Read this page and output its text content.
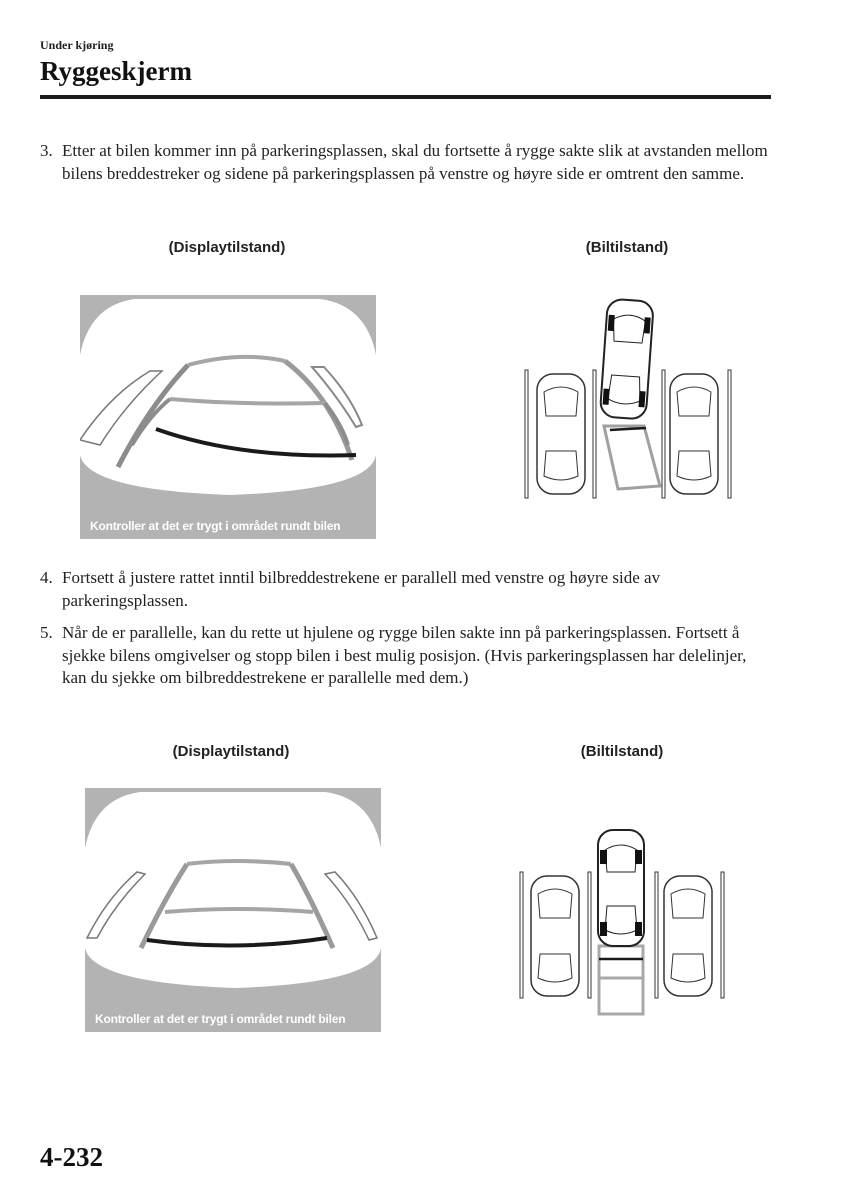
Under kjøring
Ryggeskjerm
3. Etter at bilen kommer inn på parkeringsplassen, skal du fortsette å rygge sakte slik at avstanden mellom bilens breddestreker og sidene på parkeringsplassen på venstre og høyre side er omtrent den samme.
(Displaytilstand)	(Biltilstand)
Kontroller at det er trygt i området rundt bilen
4. Fortsett å justere rattet inntil bilbreddestrekene er parallell med venstre og høyre side av parkeringsplassen.
5. Når de er parallelle, kan du rette ut hjulene og rygge bilen sakte inn på parkeringsplassen. Fortsett å sjekke bilens omgivelser og stopp bilen i best mulig posisjon. (Hvis parkeringsplassen har delelinjer, kan du sjekke om bilbreddestrekene er parallelle med dem.)
(Displaytilstand)	(Biltilstand)
Kontroller at det er trygt i området rundt bilen
4-232
